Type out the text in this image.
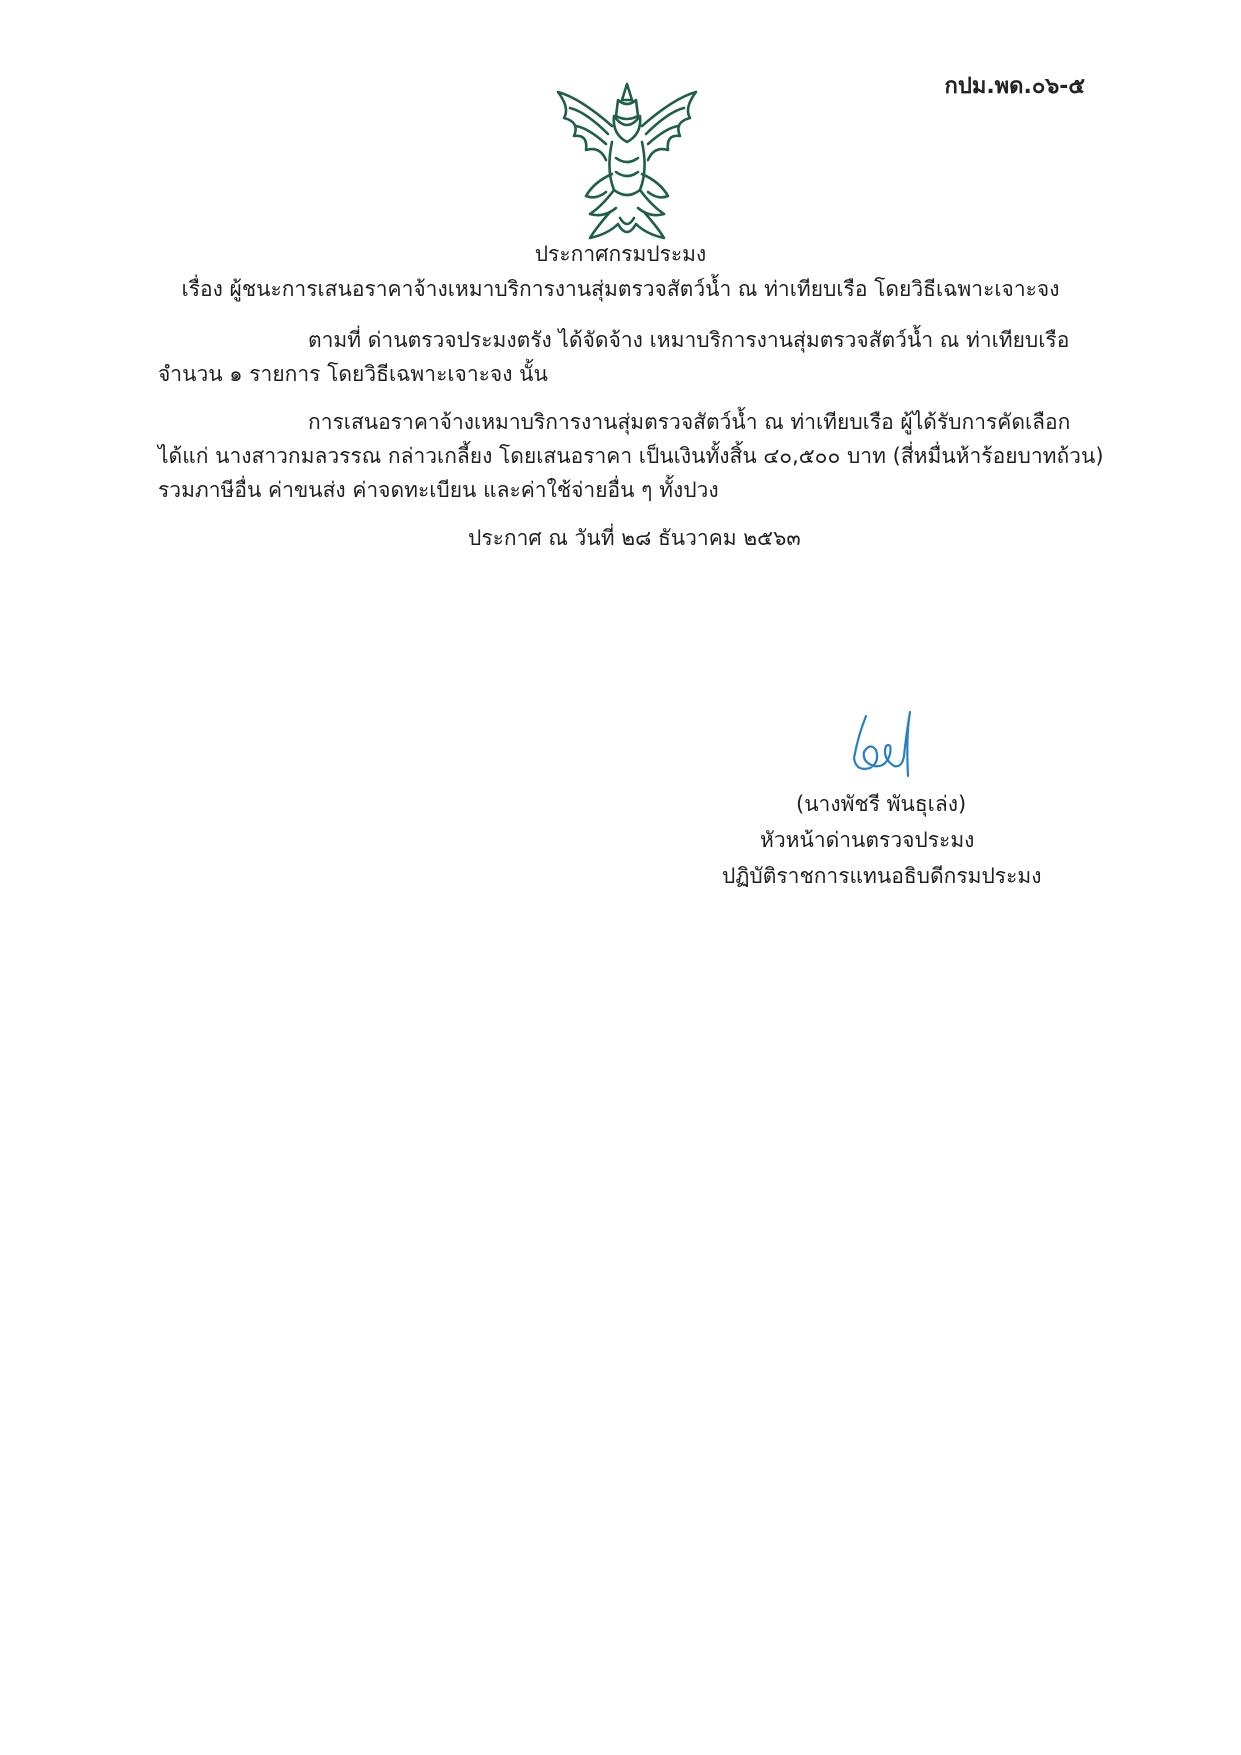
กปม.พด.๐๖-๕
ประกาศกรมประมง
เรื่อง ผู้ชนะการเสนอราคาจ้างเหมาบริการงานสุ่มตรวจสัตว์น้ำ ณ ท่าเทียบเรือ โดยวิธีเฉพาะเจาะจง
ตามที่ ด่านตรวจประมงตรัง ได้จัดจ้าง เหมาบริการงานสุ่มตรวจสัตว์น้ำ ณ ท่าเทียบเรือ
จำนวน ๑ รายการ โดยวิธีเฉพาะเจาะจง นั้น
การเสนอราคาจ้างเหมาบริการงานสุ่มตรวจสัตว์น้ำ ณ ท่าเทียบเรือ ผู้ได้รับการคัดเลือก
ได้แก่ นางสาวกมลวรรณ กล่าวเกลี้ยง โดยเสนอราคา เป็นเงินทั้งสิ้น ๔๐,๕๐๐ บาท (สี่หมื่นห้าร้อยบาทถ้วน)
รวมภาษีอื่น ค่าขนส่ง ค่าจดทะเบียน และค่าใช้จ่ายอื่น ๆ ทั้งปวง
ประกาศ ณ วันที่ ๒๘ ธันวาคม ๒๕๖๓
(นางพัชรี พันธุเล่ง)
หัวหน้าด่านตรวจประมง
ปฏิบัติราชการแทนอธิบดีกรมประมง
